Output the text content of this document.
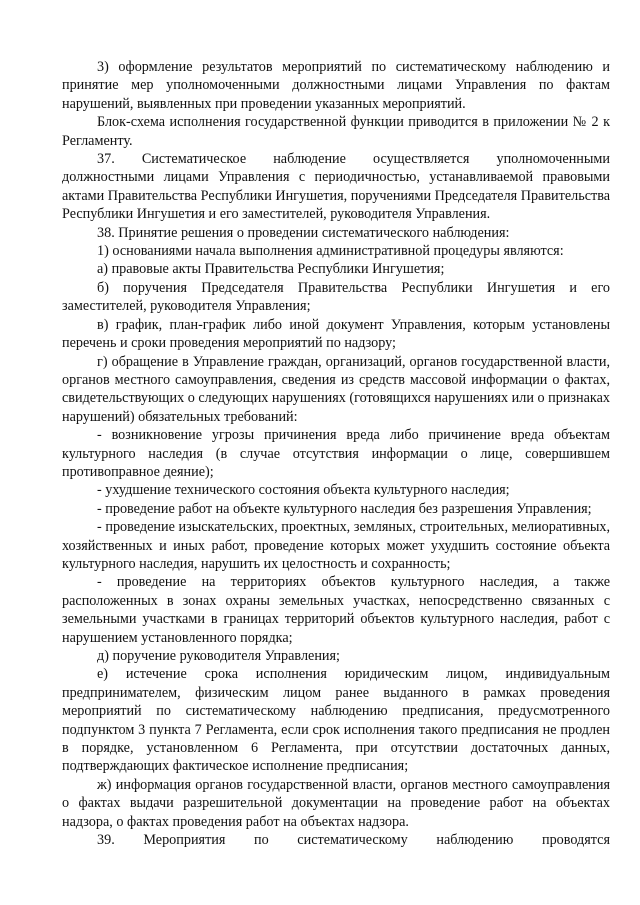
3) оформление результатов мероприятий по систематическому наблюдению и принятие мер уполномоченными должностными лицами Управления по фактам нарушений, выявленных при проведении указанных мероприятий.

Блок-схема исполнения государственной функции приводится в приложении № 2 к Регламенту.

37. Систематическое наблюдение осуществляется уполномоченными должностными лицами Управления с периодичностью, устанавливаемой правовыми актами Правительства Республики Ингушетия, поручениями Председателя Правительства Республики Ингушетия и его заместителей, руководителя Управления.

38. Принятие решения о проведении систематического наблюдения:

1) основаниями начала выполнения административной процедуры являются:

а) правовые акты Правительства Республики Ингушетия;

б) поручения Председателя Правительства Республики Ингушетия и его заместителей, руководителя Управления;

в) график, план-график либо иной документ Управления, которым установлены перечень и сроки проведения мероприятий по надзору;

г) обращение в Управление граждан, организаций, органов государственной власти, органов местного самоуправления, сведения из средств массовой информации о фактах, свидетельствующих о следующих нарушениях (готовящихся нарушениях или о признаках нарушений) обязательных требований:

- возникновение угрозы причинения вреда либо причинение вреда объектам культурного наследия (в случае отсутствия информации о лице, совершившем противоправное деяние);

- ухудшение технического состояния объекта культурного наследия;

- проведение работ на объекте культурного наследия без разрешения Управления;

- проведение изыскательских, проектных, земляных, строительных, мелиоративных, хозяйственных и иных работ, проведение которых может ухудшить состояние объекта культурного наследия, нарушить их целостность и сохранность;

- проведение на территориях объектов культурного наследия, а также расположенных в зонах охраны земельных участках, непосредственно связанных с земельными участками в границах территорий объектов культурного наследия, работ с нарушением установленного порядка;

д) поручение руководителя Управления;

е) истечение срока исполнения юридическим лицом, индивидуальным предпринимателем, физическим лицом ранее выданного в рамках проведения мероприятий по систематическому наблюдению предписания, предусмотренного подпунктом 3 пункта 7 Регламента, если срок исполнения такого предписания не продлен в порядке, установленном 6 Регламента, при отсутствии достаточных данных, подтверждающих фактическое исполнение предписания;

ж) информация органов государственной власти, органов местного самоуправления о фактах выдачи разрешительной документации на проведение работ на объектах надзора, о фактах проведения работ на объектах надзора.

39. Мероприятия по систематическому наблюдению проводятся
